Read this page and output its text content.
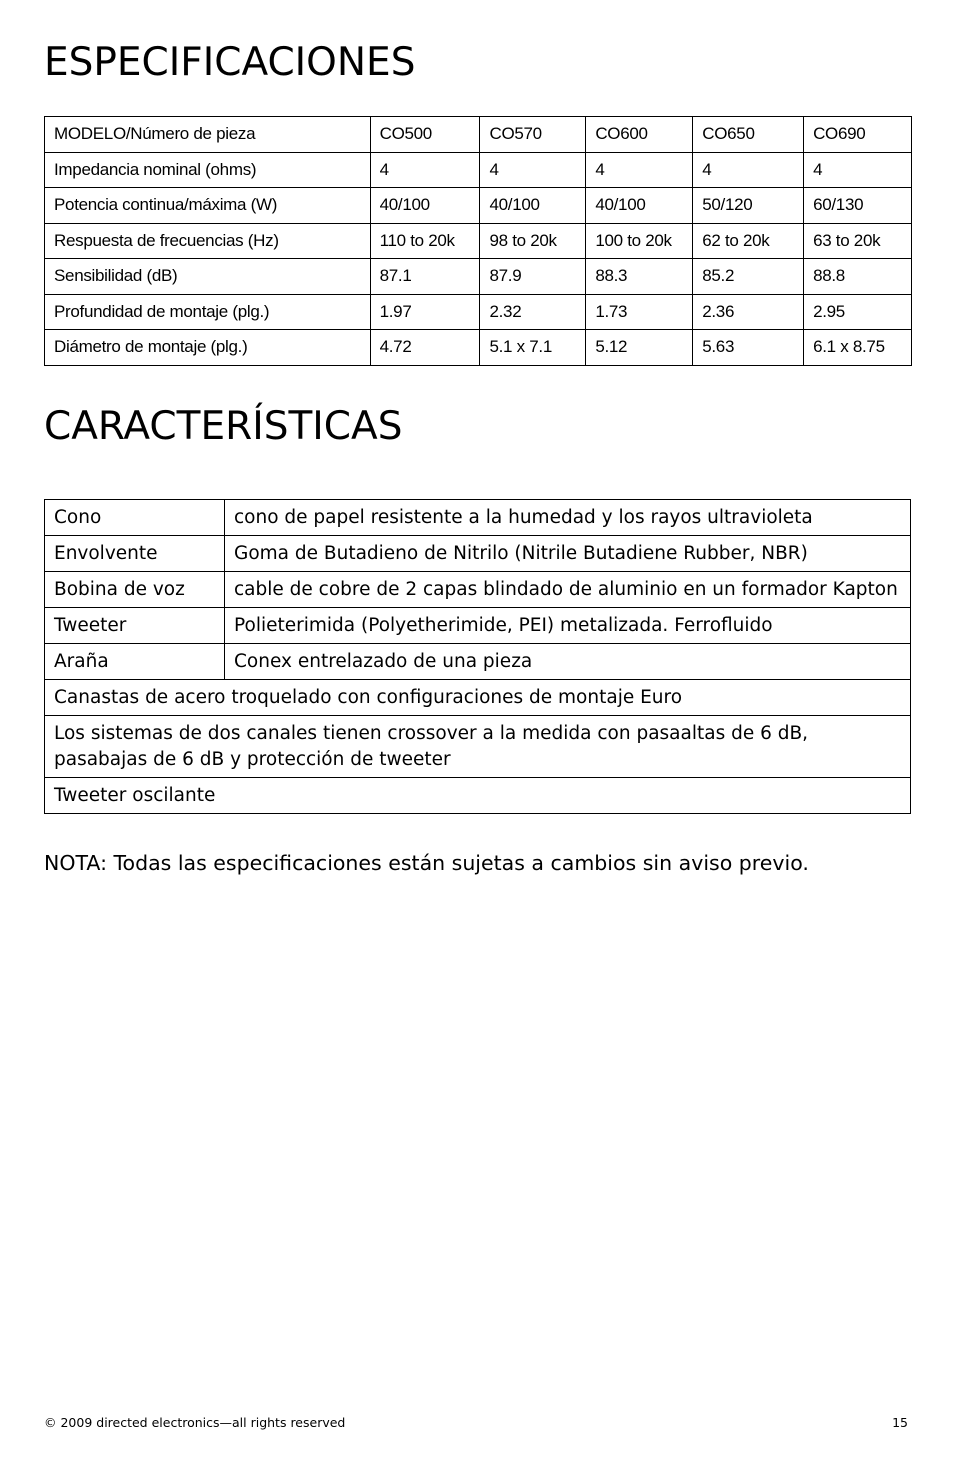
ESPECIFICACIONES
MODELO/Número de pieza	CO500	CO570	CO600	CO650	CO690
Impedancia nominal (ohms)	4	4	4	4	4
Potencia continua/máxima (W)	40/100	40/100	40/100	50/120	60/130
Respuesta de frecuencias (Hz)	110 to 20k	98 to 20k	100 to 20k	62 to 20k	63 to 20k
Sensibilidad (dB)	87.1	87.9	88.3	85.2	88.8
Profundidad de montaje (plg.)	1.97	2.32	1.73	2.36	2.95
Diámetro de montaje (plg.)	4.72	5.1 x 7.1	5.12	5.63	6.1 x 8.75
CARACTERÍSTICAS
Cono	cono de papel resistente a la humedad y los rayos ultravioleta
Envolvente	Goma de Butadieno de Nitrilo (Nitrile Butadiene Rubber, NBR)
Bobina de voz	cable de cobre de 2 capas blindado de aluminio en un formador Kapton
Tweeter	Polieterimida (Polyetherimide, PEI) metalizada. Ferrofluido
Araña	Conex entrelazado de una pieza
Canastas de acero troquelado con configuraciones de montaje Euro	
Los sistemas de dos canales tienen crossover a la medida con pasaaltas de 6 dB, pasabajas de 6 dB y protección de tweeter	
Tweeter oscilante	

NOTA: Todas las especificaciones están sujetas a cambios sin aviso previo.

© 2009 directed electronics—all rights reserved	15
